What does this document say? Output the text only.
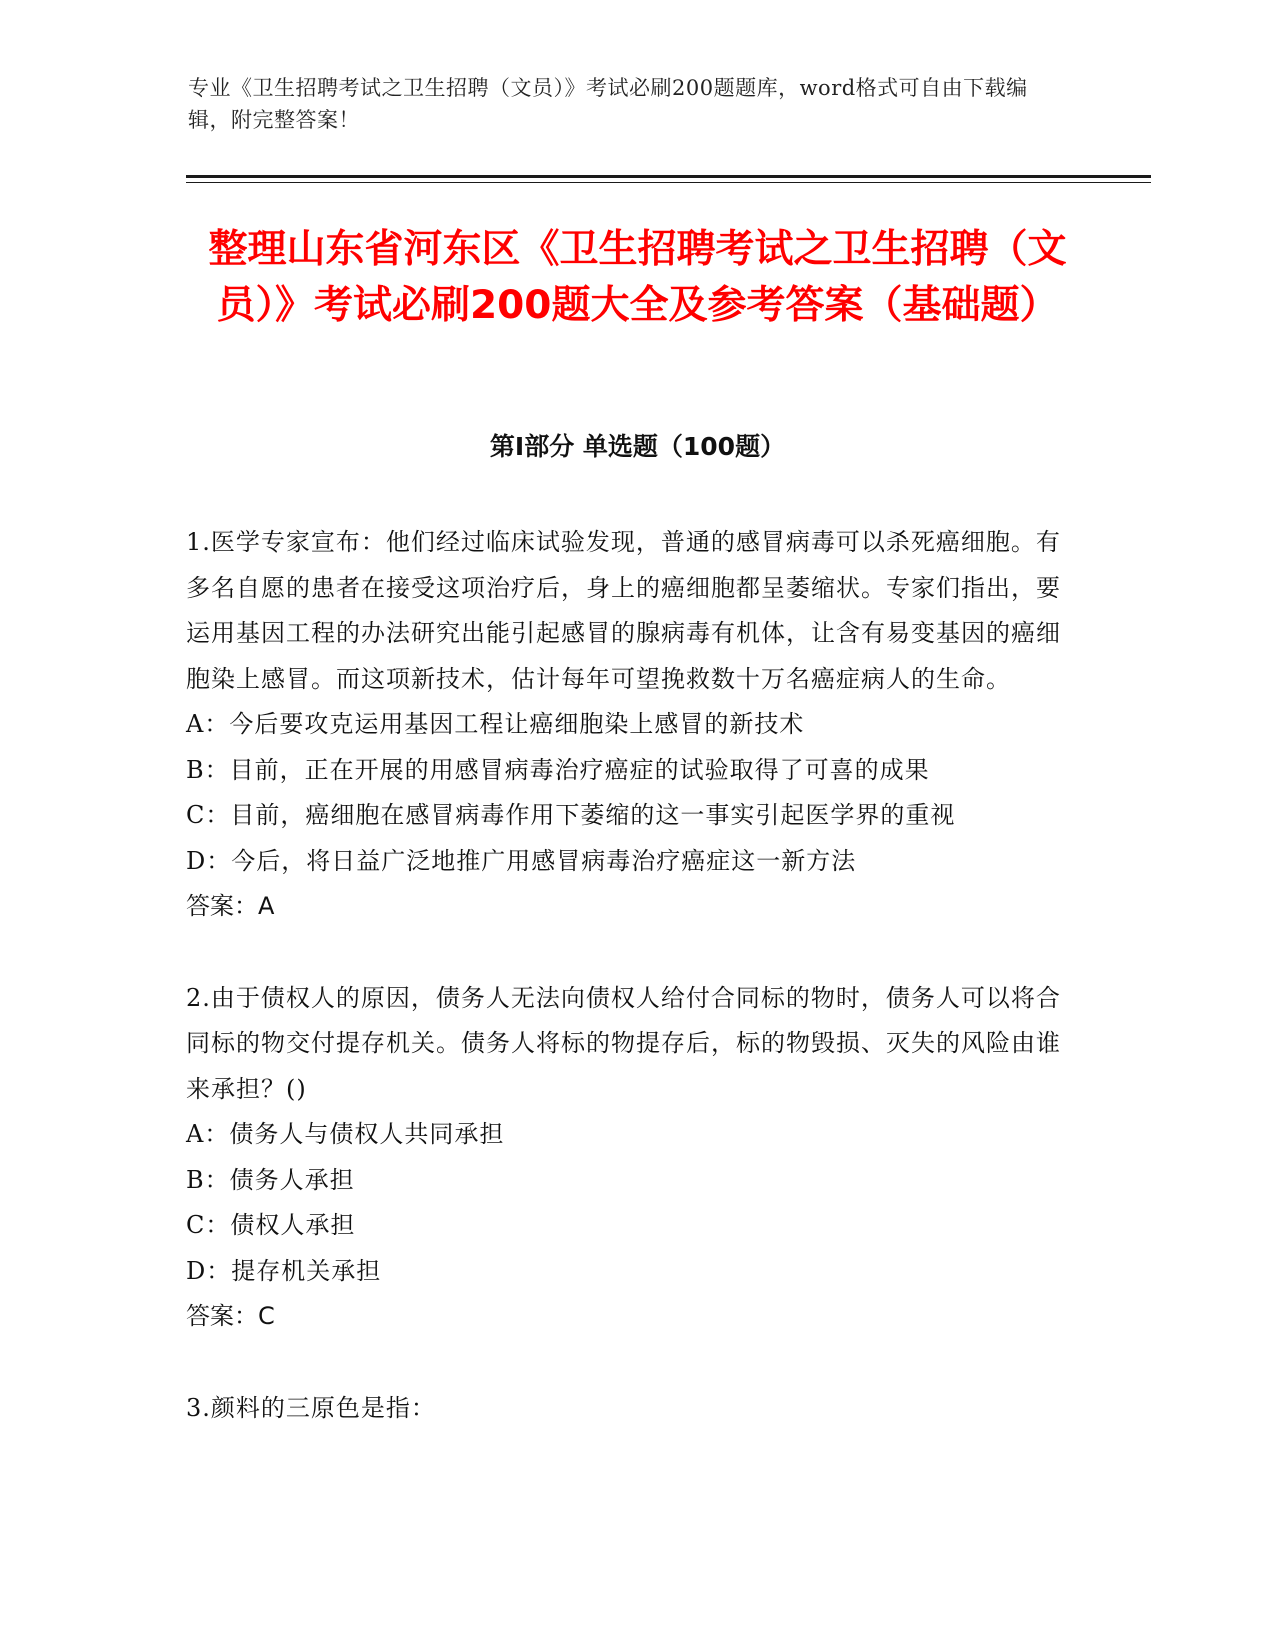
专业《卫生招聘考试之卫生招聘（文员）》考试必刷200题题库，word格式可自由下载编辑，附完整答案！
整理山东省河东区《卫生招聘考试之卫生招聘（文员）》考试必刷200题大全及参考答案（基础题）
第I部分 单选题（100题）

1.医学专家宣布：他们经过临床试验发现，普通的感冒病毒可以杀死癌细胞。有多名自愿的患者在接受这项治疗后，身上的癌细胞都呈萎缩状。专家们指出，要运用基因工程的办法研究出能引起感冒的腺病毒有机体，让含有易变基因的癌细胞染上感冒。而这项新技术，估计每年可望挽救数十万名癌症病人的生命。

A：今后要攻克运用基因工程让癌细胞染上感冒的新技术

B：目前，正在开展的用感冒病毒治疗癌症的试验取得了可喜的成果

C：目前，癌细胞在感冒病毒作用下萎缩的这一事实引起医学界的重视

D：今后，将日益广泛地推广用感冒病毒治疗癌症这一新方法

答案：A

2.由于债权人的原因，债务人无法向债权人给付合同标的物时，债务人可以将合同标的物交付提存机关。债务人将标的物提存后，标的物毁损、灭失的风险由谁来承担？()

A：债务人与债权人共同承担

B：债务人承担

C：债权人承担

D：提存机关承担

答案：C

3.颜料的三原色是指：
